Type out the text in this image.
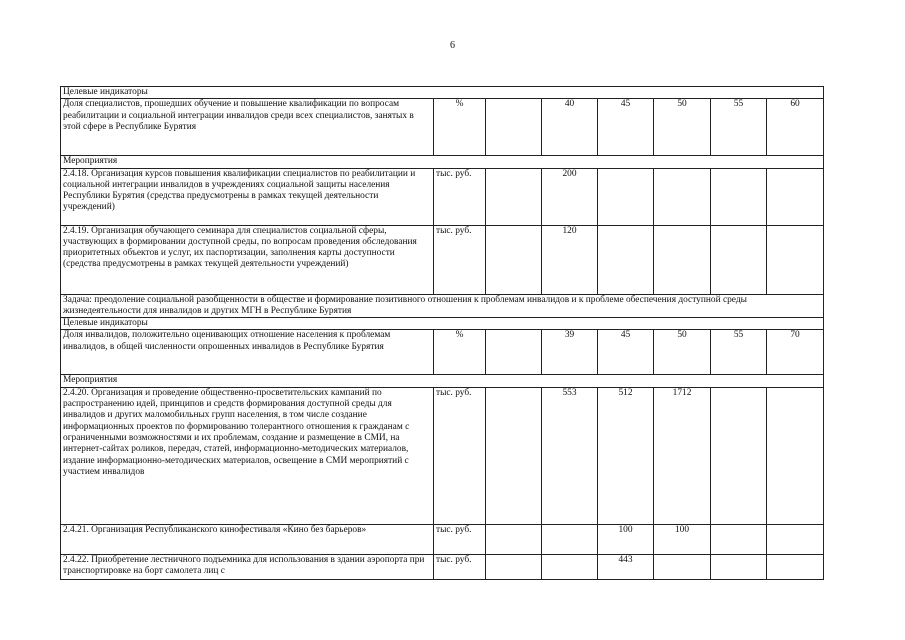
6
Целевые индикаторы							
Доля специалистов, прошедших обучение и повышение квалификации по вопросам реабилитации и социальной интеграции инвалидов среди всех специалистов, занятых в этой сфере в Республике Бурятия	%		40	45	50	55	60
Мероприятия							
2.4.18. Организация курсов повышения квалификации специалистов по реабилитации и социальной интеграции инвалидов в учреждениях социальной защиты населения Республики Бурятия (средства предусмотрены в рамках текущей деятельности учреждений)	тыс. руб.		200				
2.4.19. Организация обучающего семинара для специалистов социальной сферы, участвующих в формировании доступной среды, по вопросам проведения обследования приоритетных объектов и услуг, их паспортизации, заполнения карты доступности (средства предусмотрены в рамках текущей деятельности учреждений)	тыс. руб.		120				
Задача: преодоление социальной разобщенности в обществе и формирование позитивного отношения к проблемам инвалидов и к проблеме обеспечения доступной среды жизнедеятельности для инвалидов и других МГН в Республике Бурятия							
Целевые индикаторы							
Доля инвалидов, положительно оценивающих отношение населения к проблемам инвалидов, в общей численности опрошенных инвалидов в Республике Бурятия	%		39	45	50	55	70
Мероприятия							
2.4.20. Организация и проведение общественно-просветительских кампаний по распространению идей, принципов и средств формирования доступной среды для инвалидов и других маломобильных групп населения, в том числе создание информационных проектов по формированию толерантного отношения к гражданам с ограниченными возможностями и их проблемам, создание и размещение в СМИ, на интернет-сайтах роликов, передач, статей, информационно-методических материалов, издание информационно-методических материалов, освещение в СМИ мероприятий с участием инвалидов	тыс. руб.		553	512	1712		
2.4.21. Организация Республиканского кинофестиваля «Кино без барьеров»	тыс. руб.			100	100		
2.4.22. Приобретение лестничного подъемника для использования в здании аэропорта при транспортировке на борт самолета лиц с	тыс. руб.			443			
